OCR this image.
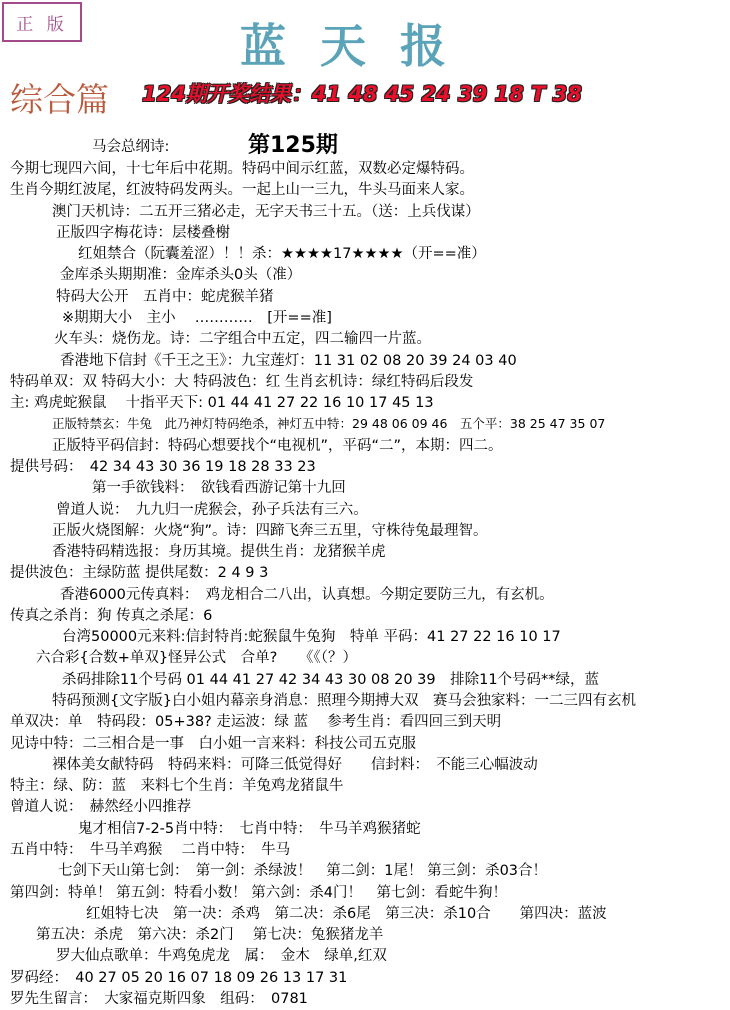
正 版	蓝天报
综合篇 124期开奖结果：41 48 45 24 39 18 T 38
马会总纲诗:	第125期
今期七现四六间，十七年后中花期。特码中间示红蓝，双数必定爆特码。
生肖今期红波尾，红波特码发两头。一起上山一三九，牛头马面来人家。
澳门天机诗：二五开三猪必走，无字天书三十五。（送：上兵伐谋）
正版四字梅花诗：层楼叠榭
红姐禁合（阮囊羞涩）！！杀：★★★★17★★★★（开==准）
金库杀头期期准：金库杀头0头（准）
特码大公开　五肖中：蛇虎猴羊猪
※期期大小　主小　 …………　[开==准]
火车头：烧伤龙。诗：二字组合中五定，四二输四一片蓝。
香港地下信封《千王之王》：九宝莲灯：11 31 02 08 20 39 24 03 40
特码单双：双 特码大小：大 特码波色：红 生肖玄机诗：绿红特码后段发
主: 鸡虎蛇猴鼠　 十指平天下: 01 44 41 27 22 16 10 17 45 13
正版特禁玄：牛兔　此乃神灯特码绝杀，神灯五中特：29 48 06 09 46　五个平：38 25 47 35 07
正版特平码信封：特码心想要找个“电视机”，平码“二”，本期：四二。
提供号码：　42 34 43 30 36 19 18 28 33 23
第一手欲钱料：　欲钱看西游记第十九回
曾道人说：　九九归一虎猴会，孙子兵法有三六。
正版火烧图解：火烧“狗”。诗：四蹄飞奔三五里，守株待兔最理智。
香港特码精选报：身历其境。提供生肖：龙猪猴羊虎
提供波色：主绿防蓝 提供尾数：2 4 9 3
香港6000元传真料：　鸡龙相合二八出，认真想。今期定要防三九，有玄机。
传真之杀肖：狗 传真之杀尾：6
台湾50000元来料:信封特肖:蛇猴鼠牛兔狗　特单 平码：41 27 22 16 10 17
六合彩{合数+单双}怪异公式　合单?　　《《（？）
杀码排除11个号码 01 44 41 27 42 34 43 30 08 20 39　排除11个号码**绿，蓝
特码预测{文字版}白小姐内幕亲身消息：照理今期搏大双　赛马会独家料：一二三四有玄机
单双决：单　特码段：05+38? 走运波：绿 蓝　 参考生肖：看四回三到天明
见诗中特：二三相合是一事　白小姐一言来料：科技公司五克服
裸体美女献特码　特码来料：可降三低觉得好　　信封料：　不能三心幅波动
特主：绿、防：蓝　来料七个生肖：羊兔鸡龙猪鼠牛
曾道人说：　赫然经小四推荐
鬼才相信7-2-5肖中特：　七肖中特：　牛马羊鸡猴猪蛇
五肖中特：　牛马羊鸡猴　 二肖中特：　牛马
七剑下天山第七剑：　第一剑：杀绿波！　第二剑：1尾！ 第三剑：杀03合！
第四剑：特单！ 第五剑：特看小数！ 第六剑：杀4门！　第七剑：看蛇牛狗！
红姐特七决　第一决：杀鸡　第二决：杀6尾　第三决：杀10合　　第四决：蓝波
第五决：杀虎　第六决：杀2门　 第七决：兔猴猪龙羊
罗大仙点歌单：牛鸡兔虎龙　属：　金木　绿单,红双
罗码经：　40 27 05 20 16 07 18 09 26 13 17 31
罗先生留言：　大家福克斯四象　组码：　0781
